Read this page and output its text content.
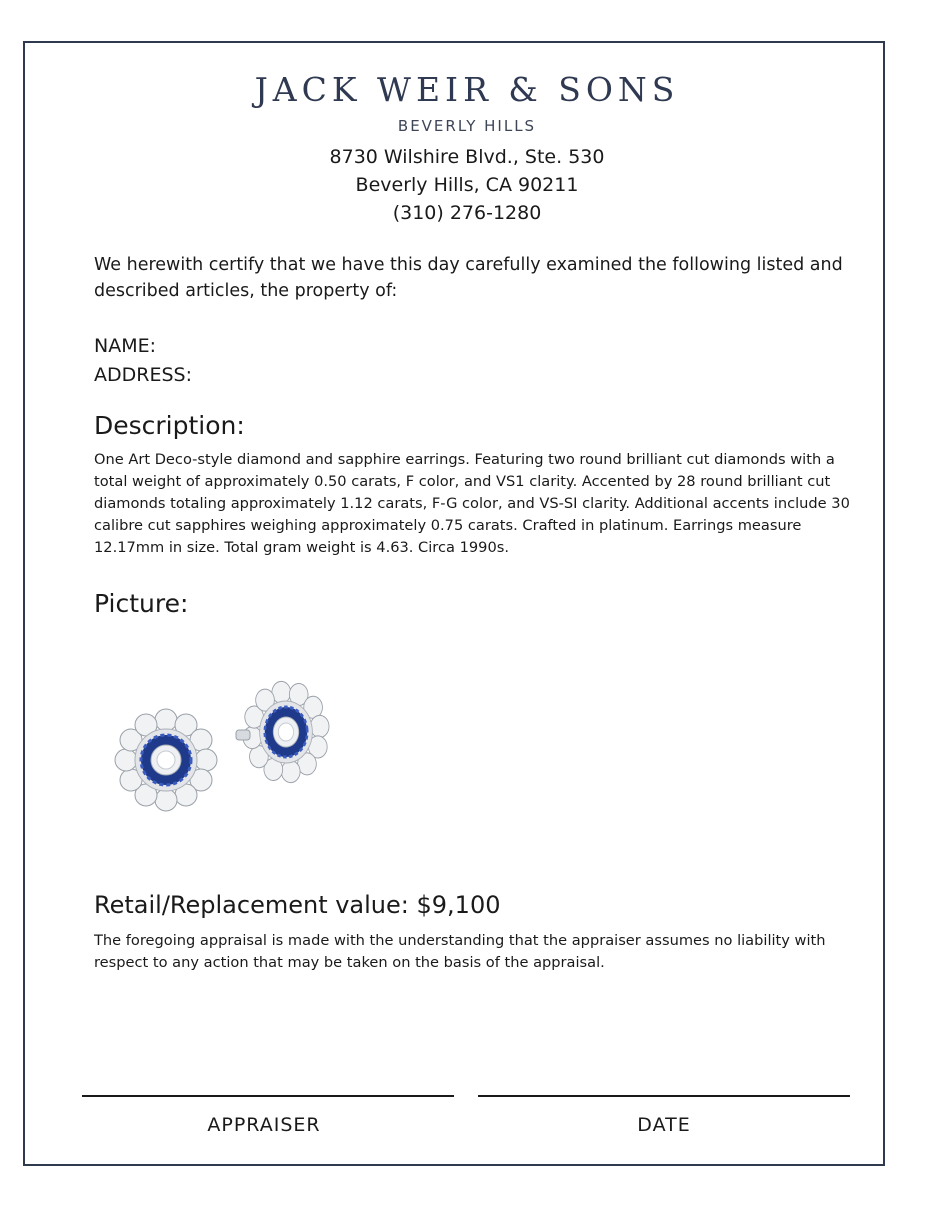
JACK WEIR & SONS
BEVERLY HILLS
8730 Wilshire Blvd., Ste. 530
Beverly Hills, CA 90211
(310) 276-1280
We herewith certify that we have this day carefully examined the following listed and described articles, the property of:
NAME:
ADDRESS:
Description:
One Art Deco-style diamond and sapphire earrings. Featuring two round brilliant cut diamonds with a total weight of approximately 0.50 carats, F color, and VS1 clarity. Accented by 28 round brilliant cut diamonds totaling approximately 1.12 carats, F-G color, and VS-SI clarity. Additional accents include 30 calibre cut sapphires weighing approximately 0.75 carats. Crafted in platinum. Earrings measure 12.17mm in size. Total gram weight is 4.63. Circa 1990s.
Picture:
Retail/Replacement value: $9,100
The foregoing appraisal is made with the understanding that the appraiser assumes no liability with respect to any action that may be taken on the basis of the appraisal.
APPRAISER	DATE
